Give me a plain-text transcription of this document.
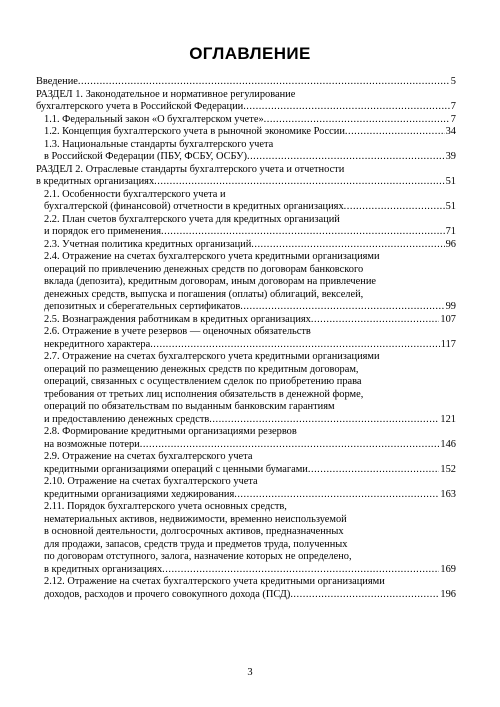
ОГЛАВЛЕНИЕ
Введение .....	5
РАЗДЕЛ 1. Законодательное и нормативное регулирование
бухгалтерского учета в Российской Федерации .....	7
1.1. Федеральный закон «О бухгалтерском учете» .....	7
1.2. Концепция бухгалтерского учета в рыночной экономике России .....	34
1.3. Национальные стандарты бухгалтерского учета
в Российской Федерации (ПБУ, ФСБУ, ОСБУ) .....	39
РАЗДЕЛ 2. Отраслевые стандарты бухгалтерского учета и отчетности
в кредитных организациях .....	51
2.1. Особенности бухгалтерского учета и
бухгалтерской (финансовой) отчетности в кредитных организациях .....	51
2.2. План счетов бухгалтерского учета для кредитных организаций
и порядок его применения .....	71
2.3. Учетная политика кредитных организаций .....	96
2.4. Отражение на счетах бухгалтерского учета кредитными организациями
операций по привлечению денежных средств по договорам банковского
вклада (депозита), кредитным договорам, иным договорам на привлечение
денежных средств, выпуска и погашения (оплаты) облигаций, векселей,
депозитных и сберегательных сертификатов .....	99
2.5. Вознаграждения работникам в кредитных организациях .....	107
2.6. Отражение в учете резервов — оценочных обязательств
некредитного характера .....	117
2.7. Отражение на счетах бухгалтерского учета кредитными организациями
операций по размещению денежных средств по кредитным договорам,
операций, связанных с осуществлением сделок по приобретению права
требования от третьих лиц исполнения обязательств в денежной форме,
операций по обязательствам по выданным банковским гарантиям
и предоставлению денежных средств .....	121
2.8. Формирование кредитными организациями резервов
на возможные потери .....	146
2.9. Отражение на счетах бухгалтерского учета
кредитными организациями операций с ценными бумагами .....	152
2.10. Отражение на счетах бухгалтерского учета
кредитными организациями хеджирования .....	163
2.11. Порядок бухгалтерского учета основных средств,
нематериальных активов, недвижимости, временно неиспользуемой
в основной деятельности, долгосрочных активов, предназначенных
для продажи, запасов, средств труда и предметов труда, полученных
по договорам отступного, залога, назначение которых не определено,
в кредитных организациях .....	169
2.12. Отражение на счетах бухгалтерского учета кредитными организациями
доходов, расходов и прочего совокупного дохода (ПСД) .....	196
3
